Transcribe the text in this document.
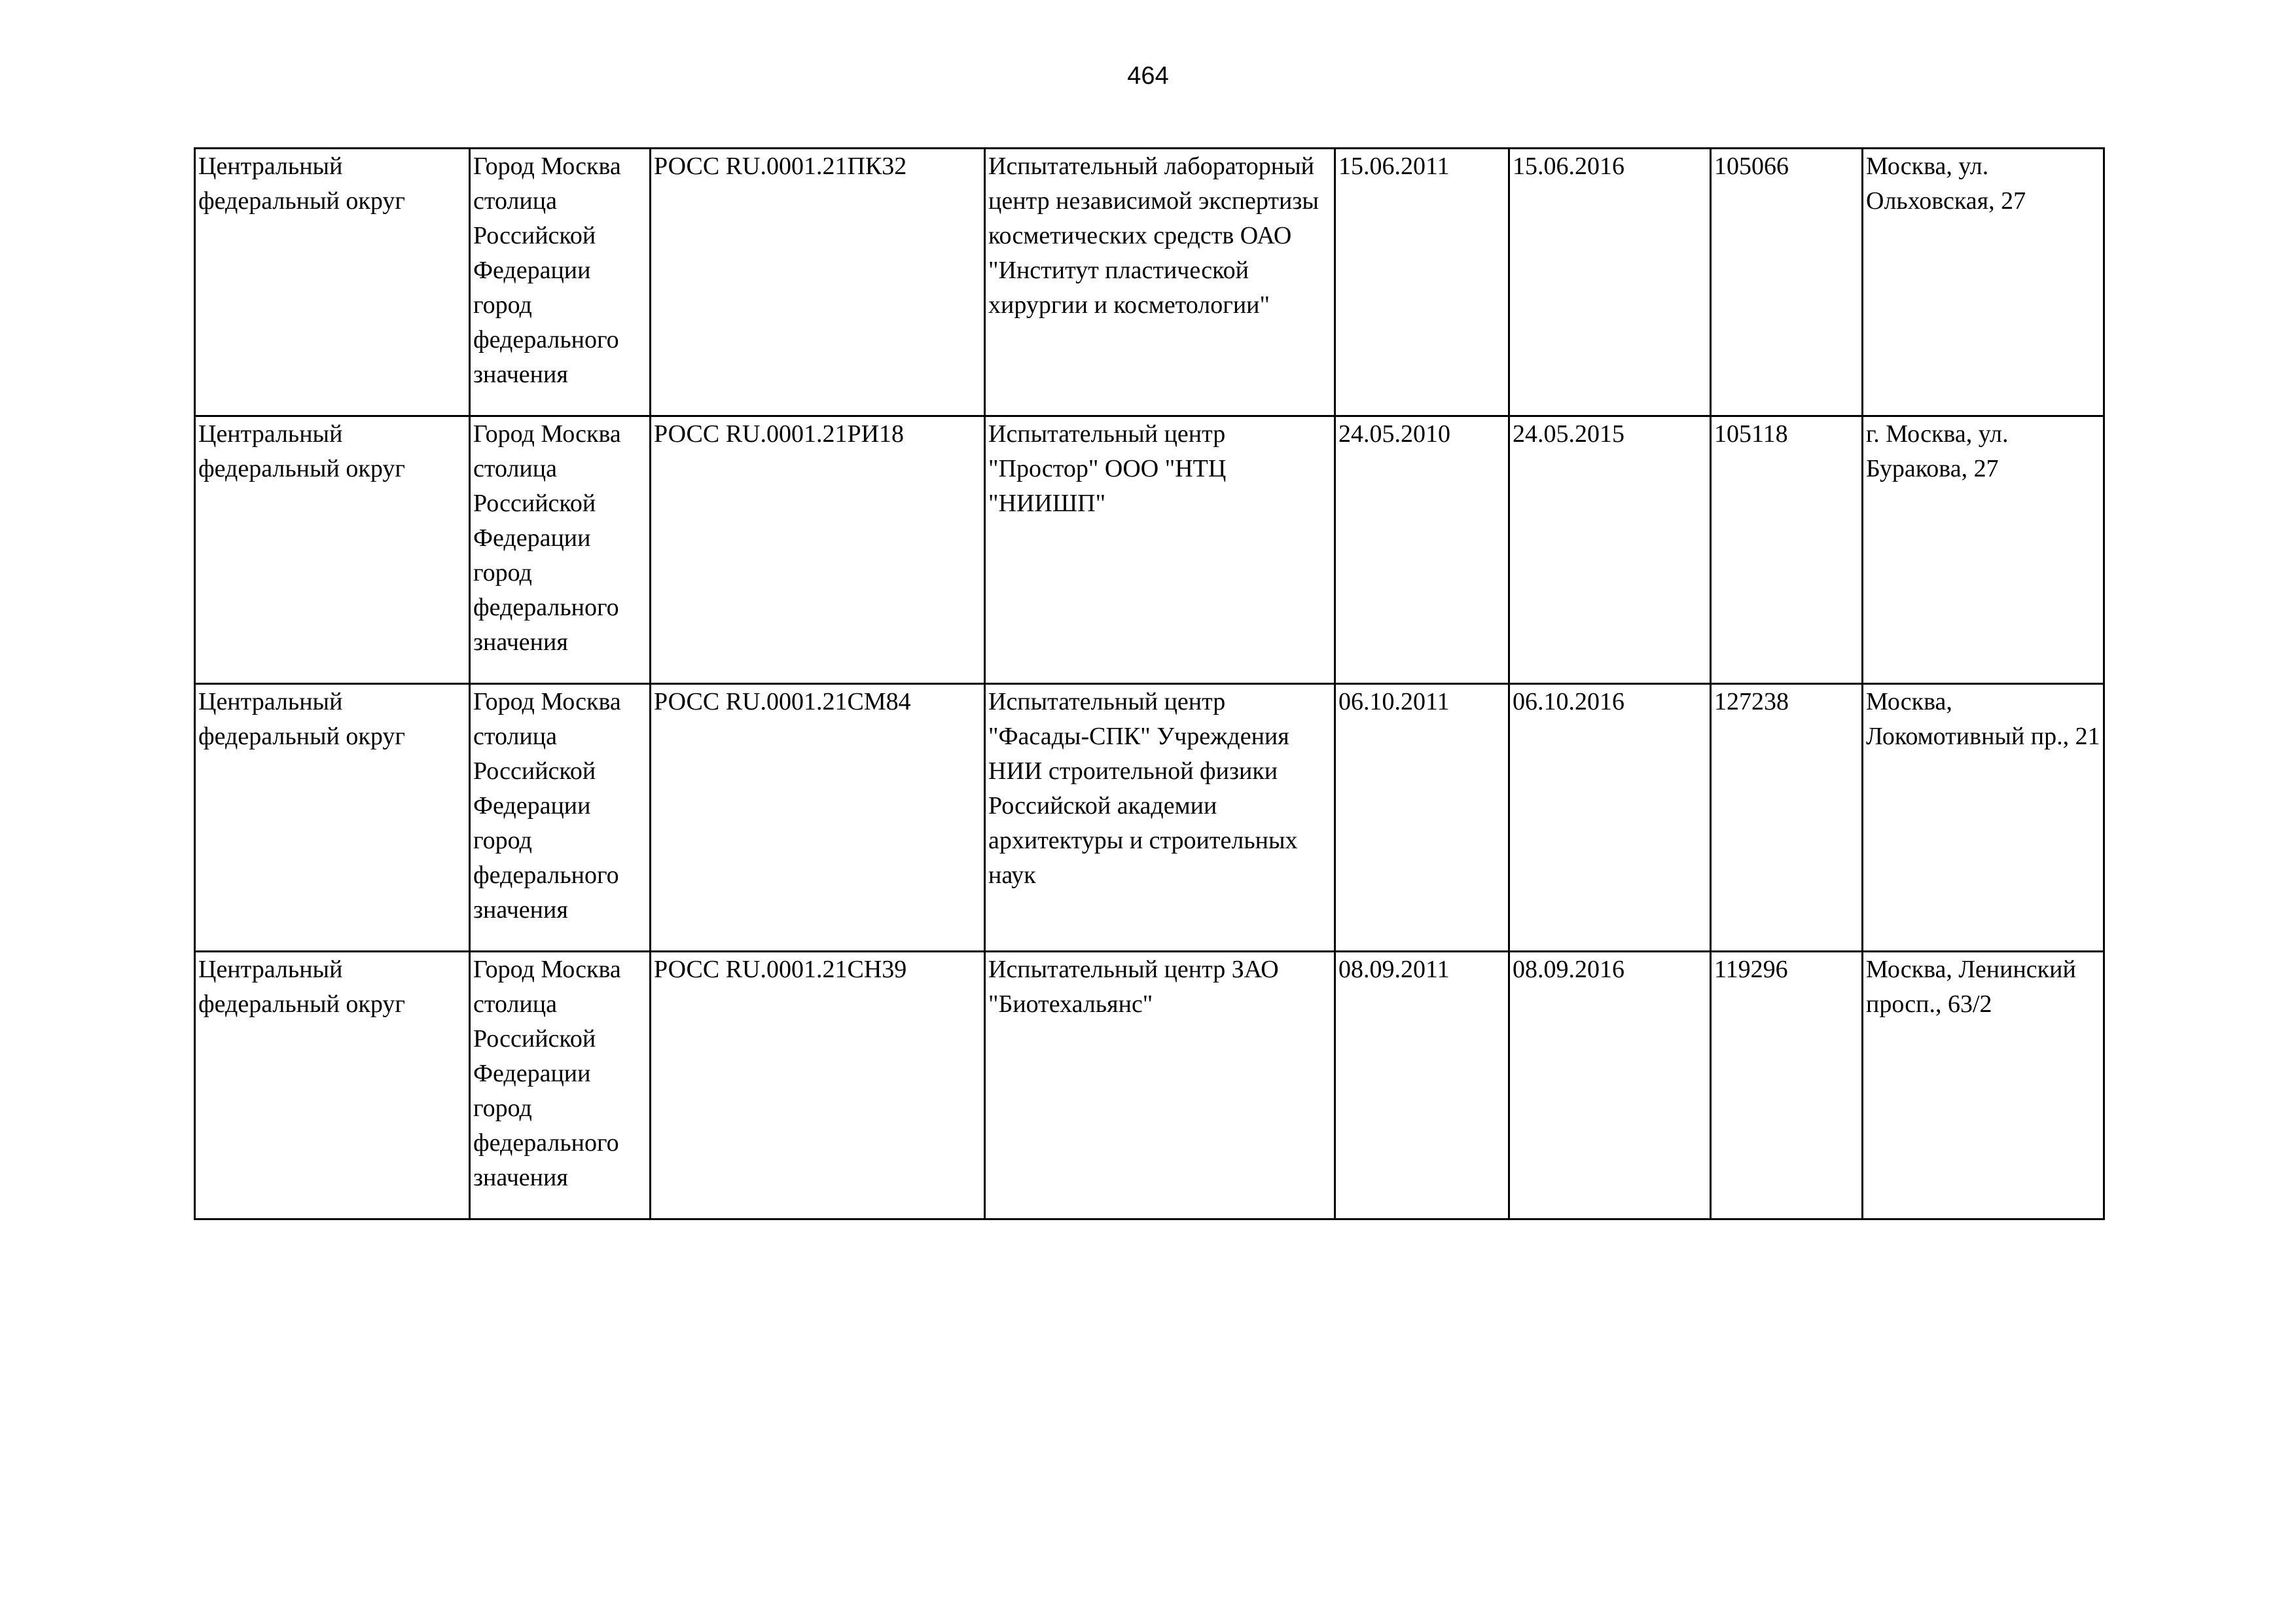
464
Центральный федеральный округ	Город Москва столица Российской Федерации город федерального значения	РОСС RU.0001.21ПК32	Испытательный лабораторный центр независимой экспертизы косметических средств ОАО "Институт пластической хирургии и косметологии"	15.06.2011	15.06.2016	105066	Москва, ул. Ольховская, 27

Центральный федеральный округ	Город Москва столица Российской Федерации город федерального значения	РОСС RU.0001.21РИ18	Испытательный центр "Простор" ООО "НТЦ "НИИШП"	24.05.2010	24.05.2015	105118	г. Москва, ул. Буракова, 27

Центральный федеральный округ	Город Москва столица Российской Федерации город федерального значения	РОСС RU.0001.21СМ84	Испытательный центр "Фасады-СПК" Учреждения НИИ строительной физики Российской академии архитектуры и строительных наук	06.10.2011	06.10.2016	127238	Москва, Локомотивный пр., 21

Центральный федеральный округ	Город Москва столица Российской Федерации город федерального значения	РОСС RU.0001.21СН39	Испытательный центр ЗАО "Биотехальянс"	08.09.2011	08.09.2016	119296	Москва, Ленинский просп., 63/2
